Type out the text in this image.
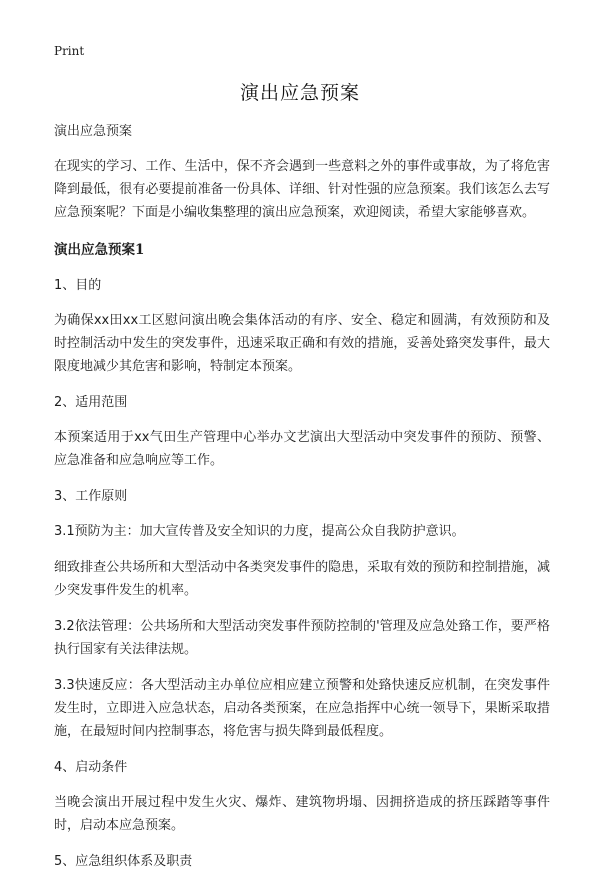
Print
演出应急预案

演出应急预案

在现实的学习、工作、生活中，保不齐会遇到一些意料之外的事件或事故，为了将危害降到最低，很有必要提前准备一份具体、详细、针对性强的应急预案。我们该怎么去写应急预案呢？下面是小编收集整理的演出应急预案，欢迎阅读，希望大家能够喜欢。

演出应急预案1

1、目的

为确保xx田xx工区慰问演出晚会集体活动的有序、安全、稳定和圆满，有效预防和及时控制活动中发生的突发事件，迅速采取正确和有效的措施，妥善处臵突发事件，最大限度地减少其危害和影响，特制定本预案。

2、适用范围

本预案适用于xx气田生产管理中心举办文艺演出大型活动中突发事件的预防、预警、应急准备和应急响应等工作。

3、工作原则

3.1预防为主：加大宣传普及安全知识的力度，提高公众自我防护意识。

细致排查公共场所和大型活动中各类突发事件的隐患，采取有效的预防和控制措施，减少突发事件发生的机率。

3.2依法管理：公共场所和大型活动突发事件预防控制的'管理及应急处臵工作，要严格执行国家有关法律法规。

3.3快速反应：各大型活动主办单位应相应建立预警和处臵快速反应机制，在突发事件发生时，立即进入应急状态，启动各类预案，在应急指挥中心统一领导下，果断采取措施，在最短时间内控制事态，将危害与损失降到最低程度。

4、启动条件

当晚会演出开展过程中发生火灾、爆炸、建筑物坍塌、因拥挤造成的挤压踩踏等事件时，启动本应急预案。

5、应急组织体系及职责
